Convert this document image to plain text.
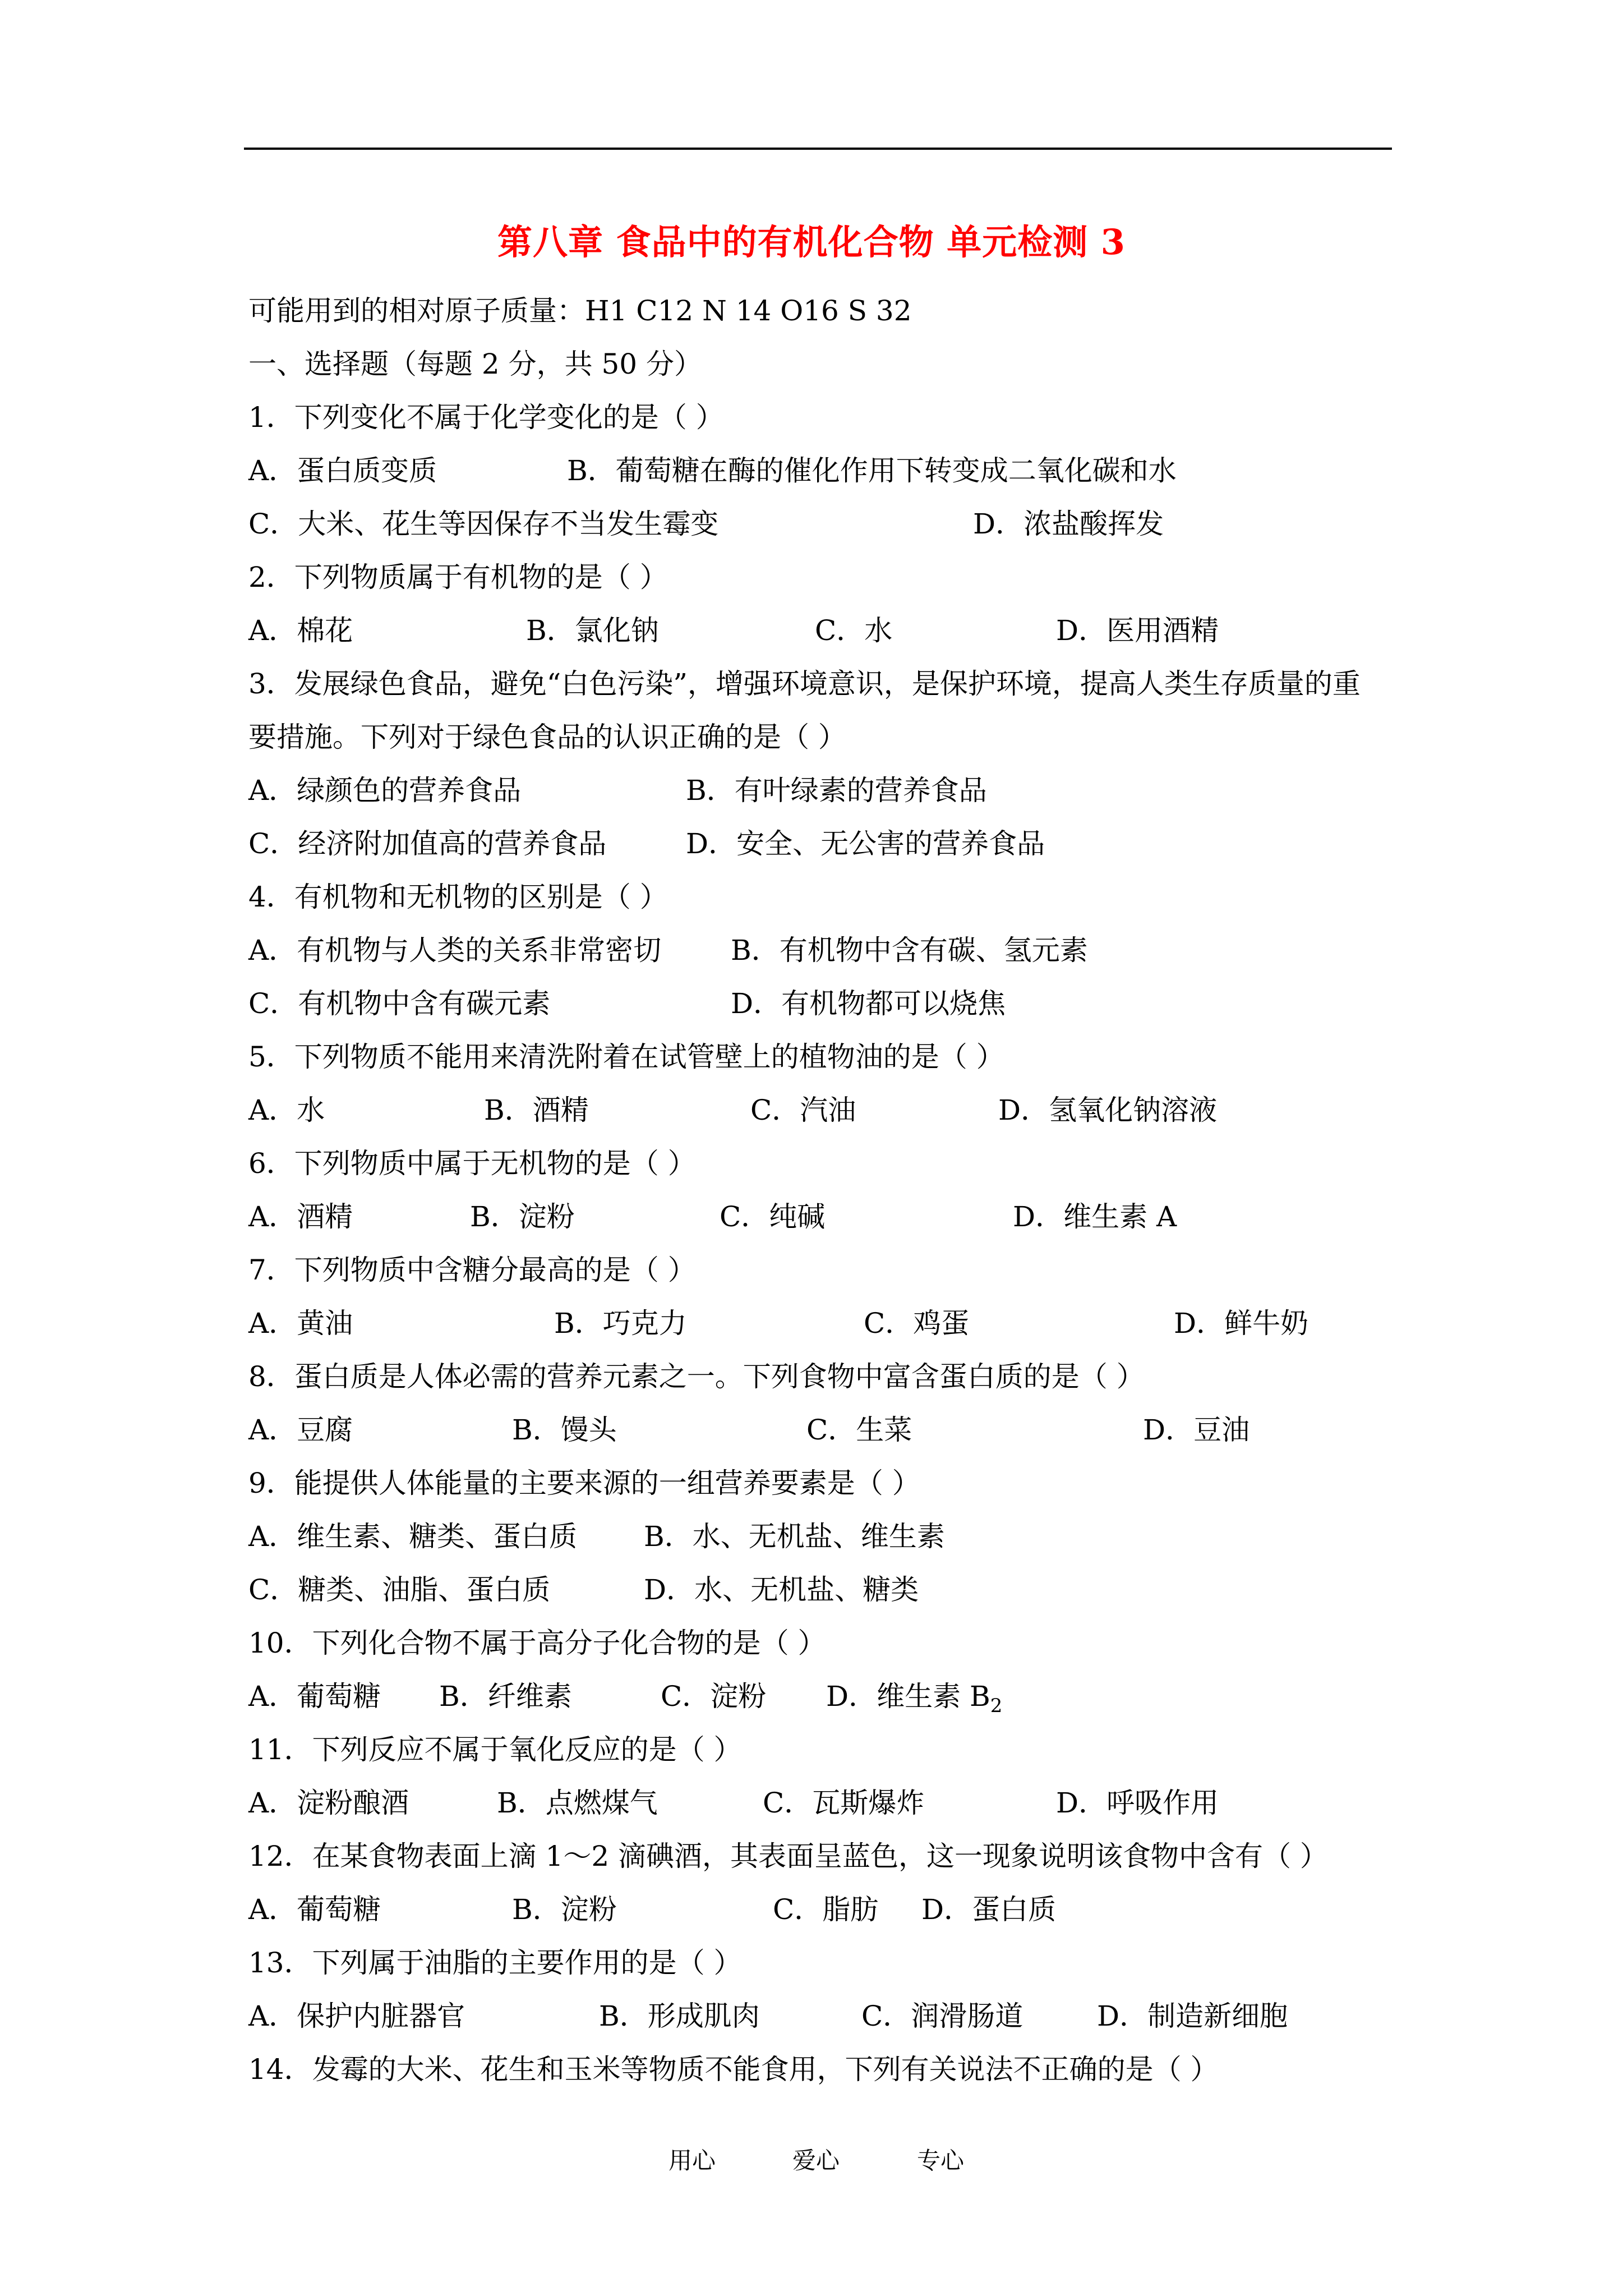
第八章 食品中的有机化合物 单元检测 3
可能用到的相对原子质量：H1 C12 N 14 O16 S 32
一、选择题（每题 2 分，共 50 分）
1．下列变化不属于化学变化的是（ ）
A．蛋白质变质	B．葡萄糖在酶的催化作用下转变成二氧化碳和水
C．大米、花生等因保存不当发生霉变	D．浓盐酸挥发
2．下列物质属于有机物的是（ ）
A．棉花	B．氯化钠	C．水	D．医用酒精
3．发展绿色食品，避免“白色污染”，增强环境意识，是保护环境，提高人类生存质量的重
要措施。下列对于绿色食品的认识正确的是（ ）
A．绿颜色的营养食品	B．有叶绿素的营养食品
C．经济附加值高的营养食品	D．安全、无公害的营养食品
4．有机物和无机物的区别是（ ）
A．有机物与人类的关系非常密切 B．有机物中含有碳、氢元素
C．有机物中含有碳元素	D．有机物都可以烧焦
5．下列物质不能用来清洗附着在试管壁上的植物油的是（ ）
A．水	B．酒精	C．汽油	D．氢氧化钠溶液
6．下列物质中属于无机物的是（ ）
A．酒精	B．淀粉	C．纯碱	D．维生素 A
7．下列物质中含糖分最高的是（ ）
A．黄油	B．巧克力	C．鸡蛋	D．鲜牛奶
8．蛋白质是人体必需的营养元素之一。下列食物中富含蛋白质的是（ ）
A．豆腐	B．馒头	C．生菜	D．豆油
9．能提供人体能量的主要来源的一组营养要素是（ ）
A．维生素、糖类、蛋白质 B．水、无机盐、维生素
C．糖类、油脂、蛋白质	D．水、无机盐、糖类
10．下列化合物不属于高分子化合物的是（ ）
A．葡萄糖 B．纤维素	C．淀粉 D．维生素 $B_2$
11．下列反应不属于氧化反应的是（ ）
A．淀粉酿酒	B．点燃煤气	C．瓦斯爆炸	D．呼吸作用
12．在某食物表面上滴 1～2 滴碘酒，其表面呈蓝色，这一现象说明该食物中含有（ ）
A．葡萄糖	B．淀粉	C．脂肪 D．蛋白质
13．下列属于油脂的主要作用的是（ ）
A．保护内脏器官	B．形成肌肉	C．润滑肠道	D．制造新细胞
14．发霉的大米、花生和玉米等物质不能食用，下列有关说法不正确的是（ ）
用心	爱心	专心
